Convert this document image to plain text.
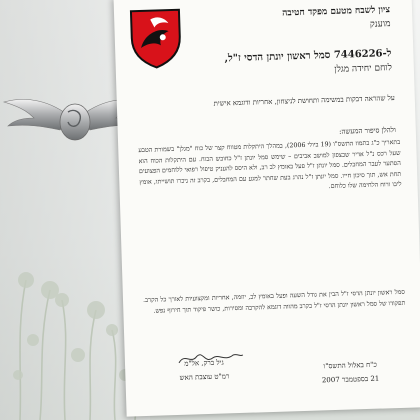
ציון לשבח מטעם מפקד חטיבה
מוענק
ל-7446226 סמל ראשון יונתן הדסי ז"ל,
לוחם יחידה מגלן
על שהראה דבקות במשימה ותחושת לניצחון, אחריות ודוגמא אישית
ולהלן סיפור המעשה:
בתאריך כ"ג בתמוז התשס"ו (19 ביולי 2006), במהלך היתקלות מטווח קצר של כוח "מגלן" בשמורת הטבע שעל רכס נ"ל אדיר שבצפון למושב אביבים – שימש סמל יונתן ז"ל כחובש הכוח. עם היתקלות הכוח הוא הסתער לעבר המחבלים. סמל יונתן ז"ל פעל באומץ לב רב, ולא היסס להעניק טיפול רפואי ללוחמים הפצועים תחת אש, תוך סיכון חייו. סמל יונתן ז"ל נהרג בעת שחתר למגע עם המחבלים, בקרב זה ניכרו תושייתו, אומץ ליבו ורוח הלחימה שלו כלוחם.
סמל ראשון יונתן הדסי ז"ל הבין את גודל השעה ופעל באומץ לב, יוזמה, אחריות ומקצועיות לאורך כל הקרב. תפקודו של סמל ראשון יונתן הדסי ז"ל בקרב מהווה דוגמא להקרבה ומסירות, כושר פיקוד תוך חירוף נפש.
גיל ברק, אל"מ
רמ"ט עוצבת האש
כ"ח באלול התשס"ו
21 בספטמבר 2007
